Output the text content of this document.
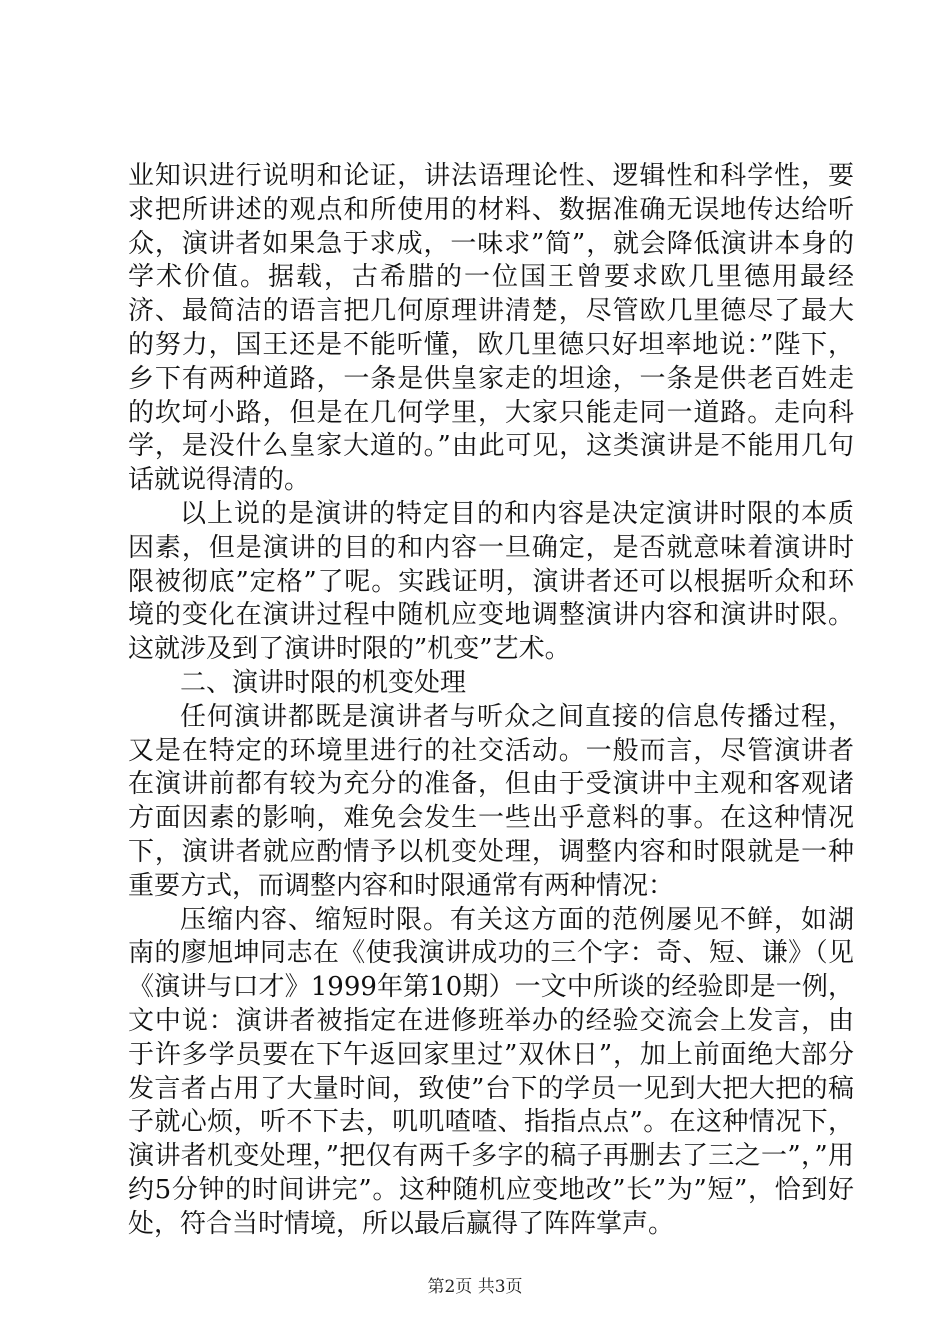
业知识进行说明和论证，讲法语理论性、逻辑性和科学性，要求把所讲述的观点和所使用的材料、数据准确无误地传达给听众，演讲者如果急于求成，一味求”简”，就会降低演讲本身的学术价值。据载，古希腊的一位国王曾要求欧几里德用最经济、最简洁的语言把几何原理讲清楚，尽管欧几里德尽了最大的努力，国王还是不能听懂，欧几里德只好坦率地说：”陛下，乡下有两种道路，一条是供皇家走的坦途，一条是供老百姓走的坎坷小路，但是在几何学里，大家只能走同一道路。走向科学，是没什么皇家大道的。”由此可见，这类演讲是不能用几句话就说得清的。

以上说的是演讲的特定目的和内容是决定演讲时限的本质因素，但是演讲的目的和内容一旦确定，是否就意味着演讲时限被彻底”定格”了呢。实践证明，演讲者还可以根据听众和环境的变化在演讲过程中随机应变地调整演讲内容和演讲时限。这就涉及到了演讲时限的”机变”艺术。

二、演讲时限的机变处理

任何演讲都既是演讲者与听众之间直接的信息传播过程，又是在特定的环境里进行的社交活动。一般而言，尽管演讲者在演讲前都有较为充分的准备，但由于受演讲中主观和客观诸方面因素的影响，难免会发生一些出乎意料的事。在这种情况下，演讲者就应酌情予以机变处理，调整内容和时限就是一种重要方式，而调整内容和时限通常有两种情况：

压缩内容、缩短时限。有关这方面的范例屡见不鲜，如湖南的廖旭坤同志在《使我演讲成功的三个字：奇、短、谦》（见《演讲与口才》1999年第10期）一文中所谈的经验即是一例，文中说：演讲者被指定在进修班举办的经验交流会上发言，由于许多学员要在下午返回家里过”双休日”，加上前面绝大部分发言者占用了大量时间，致使”台下的学员一见到大把大把的稿子就心烦，听不下去，叽叽喳喳、指指点点”。在这种情况下，演讲者机变处理，”把仅有两千多字的稿子再删去了三之一”，”用约5分钟的时间讲完”。这种随机应变地改”长”为”短”，恰到好处，符合当时情境，所以最后赢得了阵阵掌声。

第2页 共3页
